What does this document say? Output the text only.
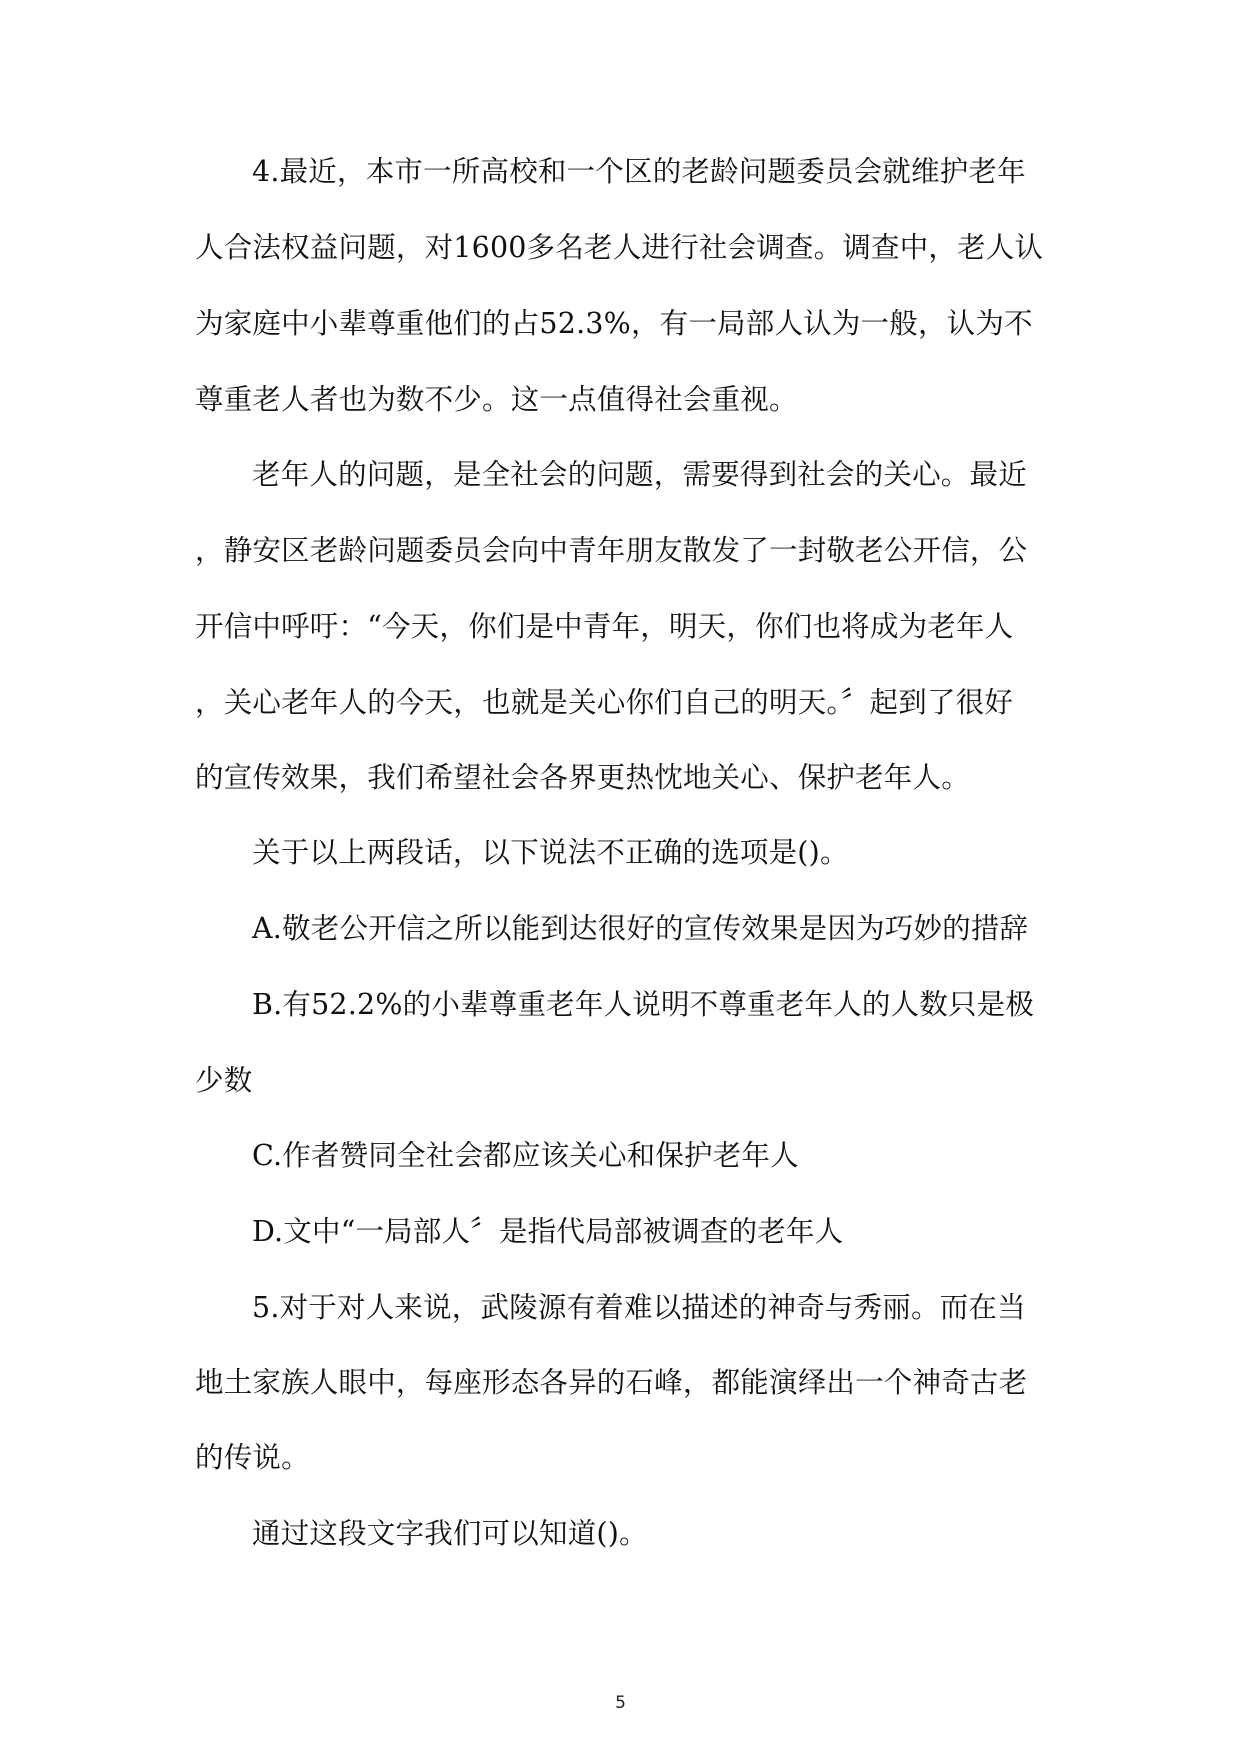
4.最近，本市一所高校和一个区的老龄问题委员会就维护老年
人合法权益问题，对1600多名老人进行社会调查。调查中，老人认
为家庭中小辈尊重他们的占52.3%，有一局部人认为一般，认为不
尊重老人者也为数不少。这一点值得社会重视。
老年人的问题，是全社会的问题，需要得到社会的关心。最近
，静安区老龄问题委员会向中青年朋友散发了一封敬老公开信，公
开信中呼吁：“今天，你们是中青年，明天，你们也将成为老年人
，关心老年人的今天，也就是关心你们自己的明天。〞起到了很好
的宣传效果，我们希望社会各界更热忱地关心、保护老年人。
关于以上两段话，以下说法不正确的选项是()。
A.敬老公开信之所以能到达很好的宣传效果是因为巧妙的措辞
B.有52.2%的小辈尊重老年人说明不尊重老年人的人数只是极
少数
C.作者赞同全社会都应该关心和保护老年人
D.文中“一局部人〞是指代局部被调查的老年人
5.对于对人来说，武陵源有着难以描述的神奇与秀丽。而在当
地土家族人眼中，每座形态各异的石峰，都能演绎出一个神奇古老
的传说。
通过这段文字我们可以知道()。
5
